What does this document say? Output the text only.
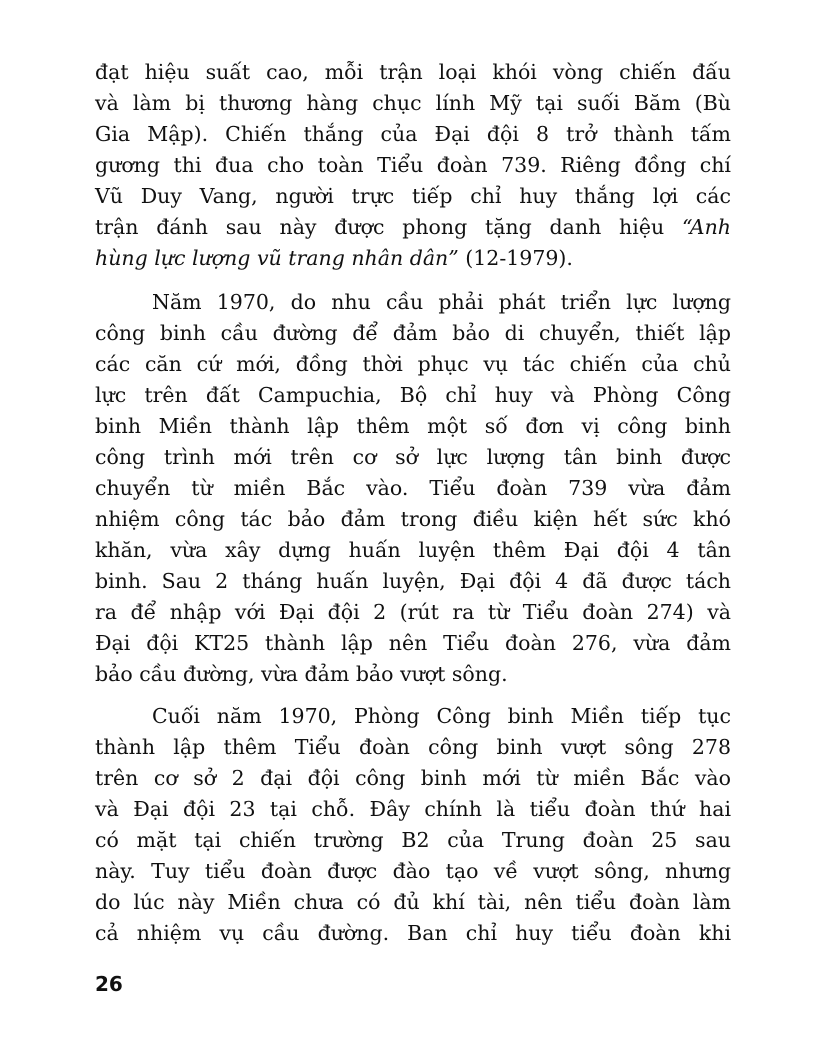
đạt hiệu suất cao, mỗi trận loại khói vòng chiến đấu
và làm bị thương hàng chục lính Mỹ tại suối Băm (Bù
Gia Mập). Chiến thắng của Đại đội 8 trở thành tấm
gương thi đua cho toàn Tiểu đoàn 739. Riêng đồng chí
Vũ Duy Vang, người trực tiếp chỉ huy thắng lợi các
trận đánh sau này được phong tặng danh hiệu “Anh
hùng lực lượng vũ trang nhân dân” (12-1979).
Năm 1970, do nhu cầu phải phát triển lực lượng
công binh cầu đường để đảm bảo di chuyển, thiết lập
các căn cứ mới, đồng thời phục vụ tác chiến của chủ
lực trên đất Campuchia, Bộ chỉ huy và Phòng Công
binh Miền thành lập thêm một số đơn vị công binh
công trình mới trên cơ sở lực lượng tân binh được
chuyển từ miền Bắc vào. Tiểu đoàn 739 vừa đảm
nhiệm công tác bảo đảm trong điều kiện hết sức khó
khăn, vừa xây dựng huấn luyện thêm Đại đội 4 tân
binh. Sau 2 tháng huấn luyện, Đại đội 4 đã được tách
ra để nhập với Đại đội 2 (rút ra từ Tiểu đoàn 274) và
Đại đội KT25 thành lập nên Tiểu đoàn 276, vừa đảm
bảo cầu đường, vừa đảm bảo vượt sông.
Cuối năm 1970, Phòng Công binh Miền tiếp tục
thành lập thêm Tiểu đoàn công binh vượt sông 278
trên cơ sở 2 đại đội công binh mới từ miền Bắc vào
và Đại đội 23 tại chỗ. Đây chính là tiểu đoàn thứ hai
có mặt tại chiến trường B2 của Trung đoàn 25 sau
này. Tuy tiểu đoàn được đào tạo về vượt sông, nhưng
do lúc này Miền chưa có đủ khí tài, nên tiểu đoàn làm
cả nhiệm vụ cầu đường. Ban chỉ huy tiểu đoàn khi
26
